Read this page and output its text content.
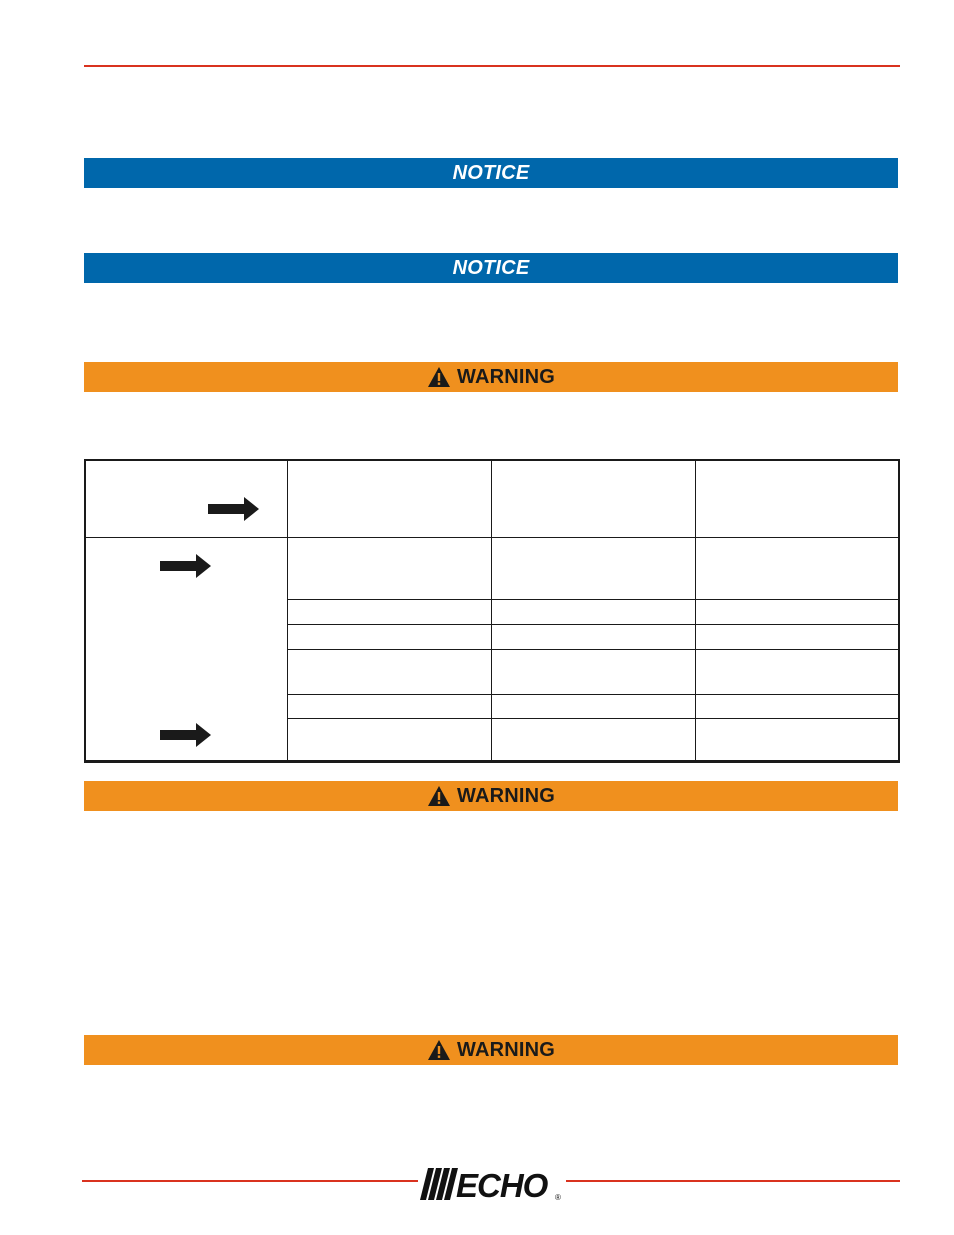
NOTICE
NOTICE
WARNING

WARNING
WARNING
ECHO ®
